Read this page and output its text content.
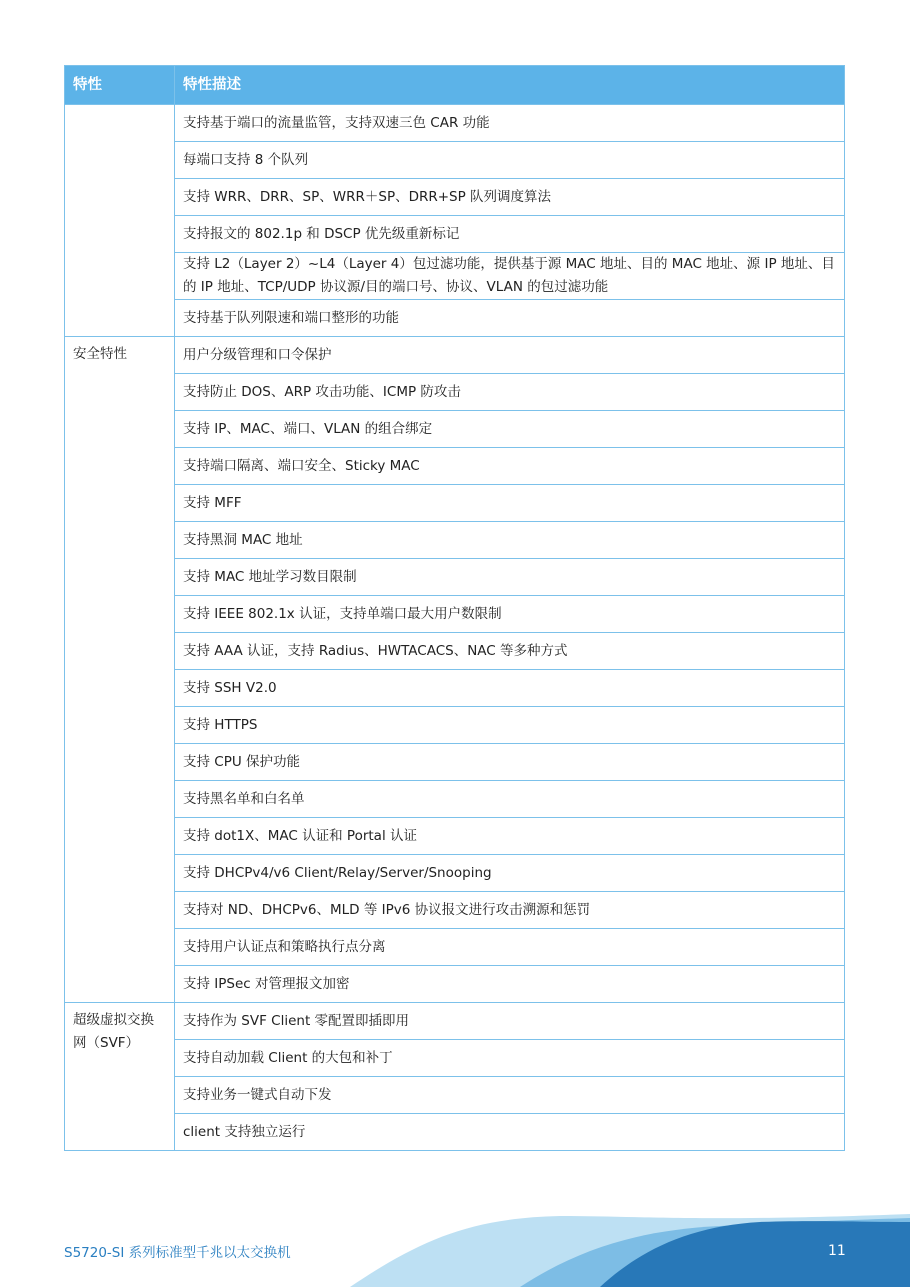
特性	特性描述
	支持基于端口的流量监管，支持双速三色 CAR 功能
	每端口支持 8 个队列
	支持 WRR、DRR、SP、WRR＋SP、DRR+SP 队列调度算法
	支持报文的 802.1p 和 DSCP 优先级重新标记
	支持 L2（Layer 2）~L4（Layer 4）包过滤功能，提供基于源 MAC 地址、目的 MAC 地址、源 IP 地址、目的 IP 地址、TCP/UDP 协议源/目的端口号、协议、VLAN 的包过滤功能
	支持基于队列限速和端口整形的功能
安全特性	用户分级管理和口令保护
	支持防止 DOS、ARP 攻击功能、ICMP 防攻击
	支持 IP、MAC、端口、VLAN 的组合绑定
	支持端口隔离、端口安全、Sticky MAC
	支持 MFF
	支持黑洞 MAC 地址
	支持 MAC 地址学习数目限制
	支持 IEEE 802.1x 认证，支持单端口最大用户数限制
	支持 AAA 认证，支持 Radius、HWTACACS、NAC 等多种方式
	支持 SSH V2.0
	支持 HTTPS
	支持 CPU 保护功能
	支持黑名单和白名单
	支持 dot1X、MAC 认证和 Portal 认证
	支持 DHCPv4/v6 Client/Relay/Server/Snooping
	支持对 ND、DHCPv6、MLD 等 IPv6 协议报文进行攻击溯源和惩罚
	支持用户认证点和策略执行点分离
	支持 IPSec 对管理报文加密
超级虚拟交换网（SVF）	支持作为 SVF Client 零配置即插即用
	支持自动加载 Client 的大包和补丁
	支持业务一键式自动下发
	client 支持独立运行
S5720-SI 系列标准型千兆以太交换机	11
